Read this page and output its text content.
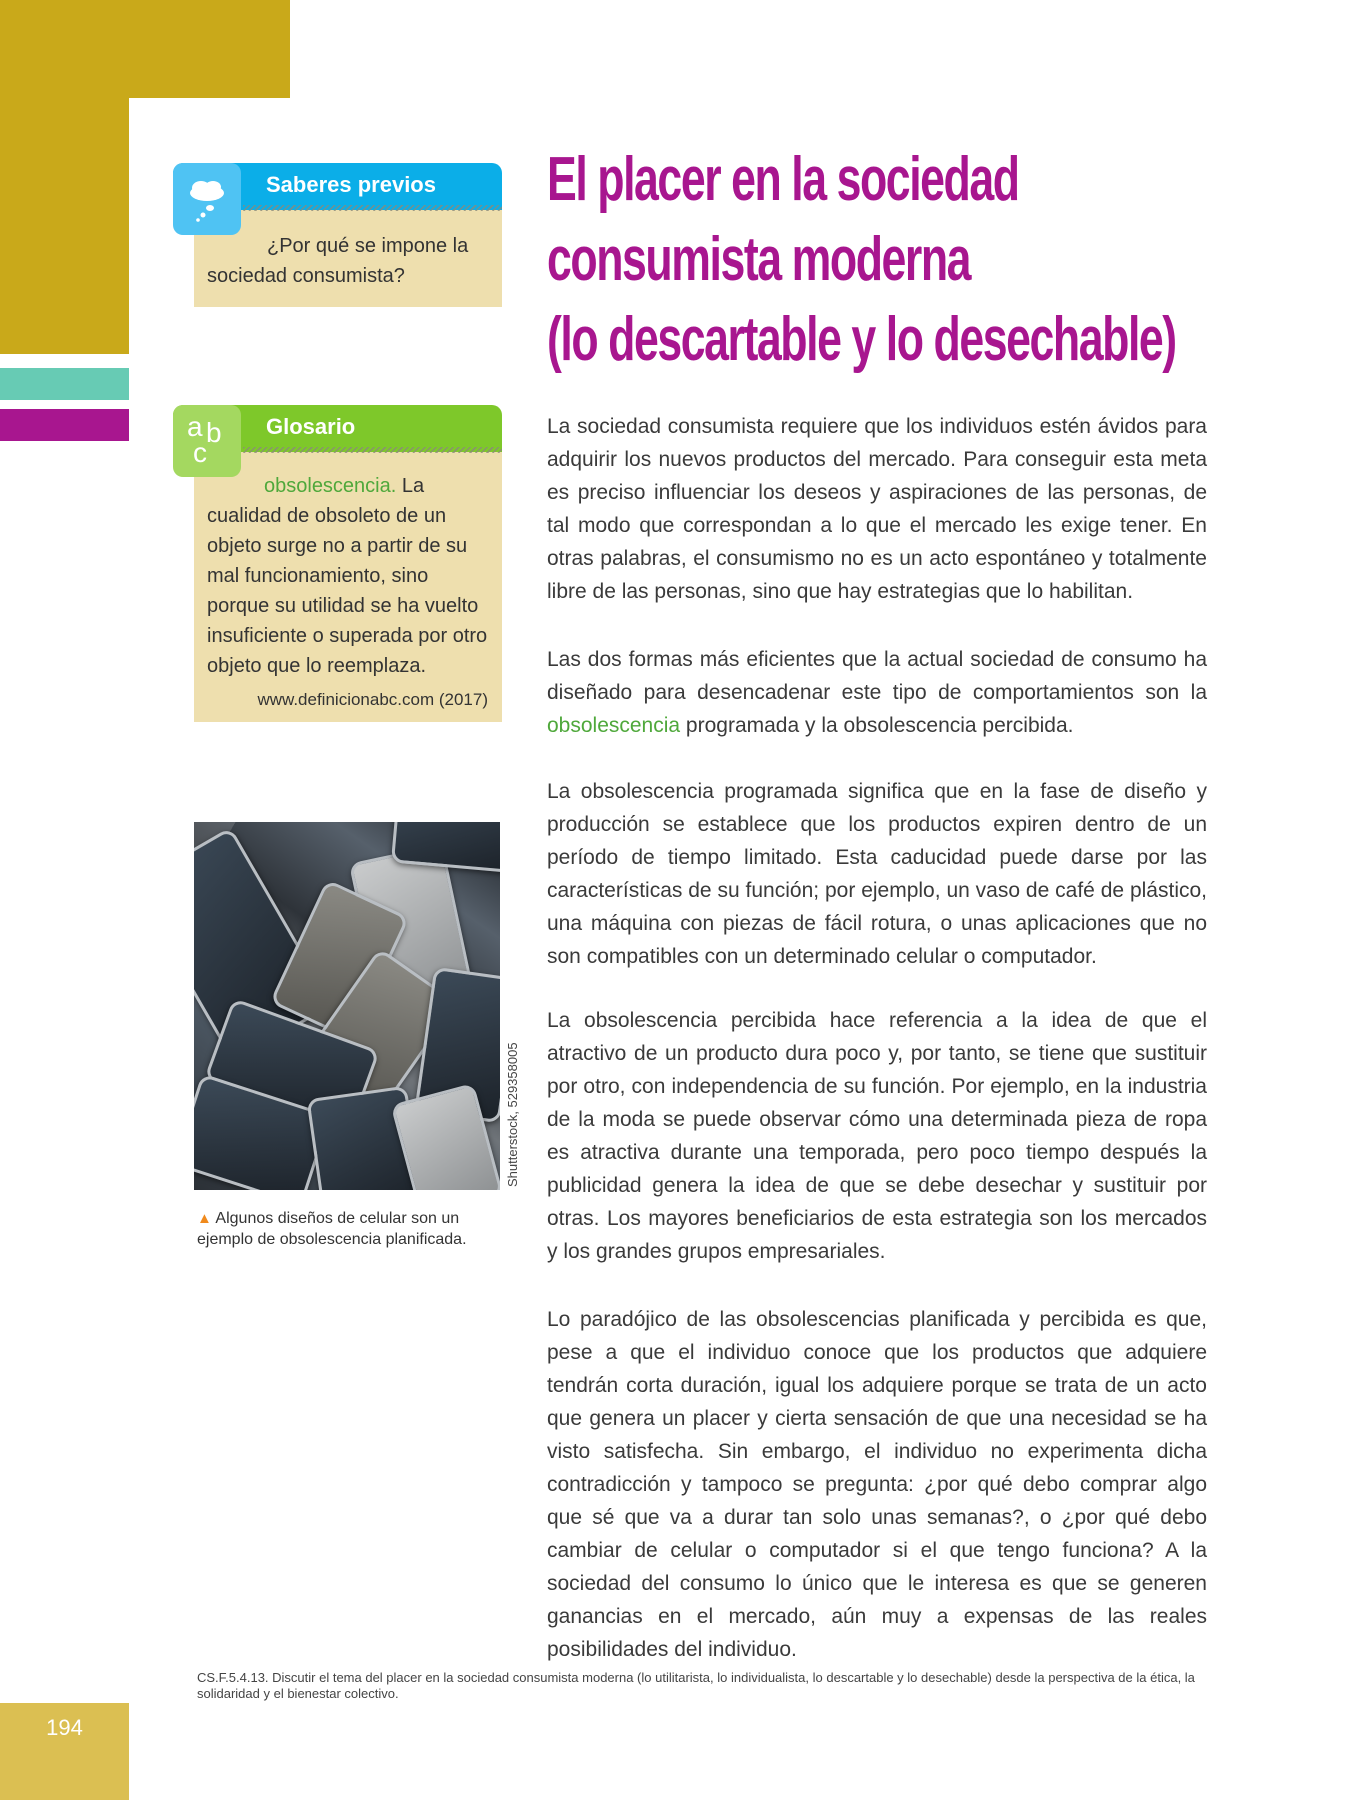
Saberes previos
¿Por qué se impone la sociedad consumista?
a b
c
Glosario
obsolescencia. La cualidad de obsoleto de un objeto surge no a partir de su mal funcionamiento, sino porque su utilidad se ha vuelto insuficiente o superada por otro objeto que lo reemplaza.
www.definicionabc.com (2017)
Shutterstock, 529358005
▲ Algunos diseños de celular son un ejemplo de obsolescencia planificada.
El placer en la sociedad
consumista moderna
(lo descartable y lo desechable)

La sociedad consumista requiere que los individuos estén ávidos para adquirir los nuevos productos del mercado. Para conseguir esta meta es preciso influenciar los deseos y aspiraciones de las personas, de tal modo que correspondan a lo que el mercado les exige tener. En otras palabras, el consumismo no es un acto espontáneo y totalmente libre de las personas, sino que hay estrategias que lo habilitan.

Las dos formas más eficientes que la actual sociedad de consumo ha diseñado para desencadenar este tipo de comportamientos son la obsolescencia programada y la obsolescencia percibida.

La obsolescencia programada significa que en la fase de diseño y producción se establece que los productos expiren dentro de un período de tiempo limitado. Esta caducidad puede darse por las características de su función; por ejemplo, un vaso de café de plástico, una máquina con piezas de fácil rotura, o unas aplicaciones que no son compatibles con un determinado celular o computador.

La obsolescencia percibida hace referencia a la idea de que el atractivo de un producto dura poco y, por tanto, se tiene que sustituir por otro, con independencia de su función. Por ejemplo, en la industria de la moda se puede observar cómo una determinada pieza de ropa es atractiva durante una temporada, pero poco tiempo después la publicidad genera la idea de que se debe desechar y sustituir por otras. Los mayores beneficiarios de esta estrategia son los mercados y los grandes grupos empresariales.

Lo paradójico de las obsolescencias planificada y percibida es que, pese a que el individuo conoce que los productos que adquiere tendrán corta duración, igual los adquiere porque se trata de un acto que genera un placer y cierta sensación de que una necesidad se ha visto satisfecha. Sin embargo, el individuo no experimenta dicha contradicción y tampoco se pregunta: ¿por qué debo comprar algo que sé que va a durar tan solo unas semanas?, o ¿por qué debo cambiar de celular o computador si el que tengo funciona? A la sociedad del consumo lo único que le interesa es que se generen ganancias en el mercado, aún muy a expensas de las reales posibilidades del individuo.

CS.F.5.4.13. Discutir el tema del placer en la sociedad consumista moderna (lo utilitarista, lo individualista, lo descartable y lo desechable) desde la perspectiva de la ética, la solidaridad y el bienestar colectivo.
194
